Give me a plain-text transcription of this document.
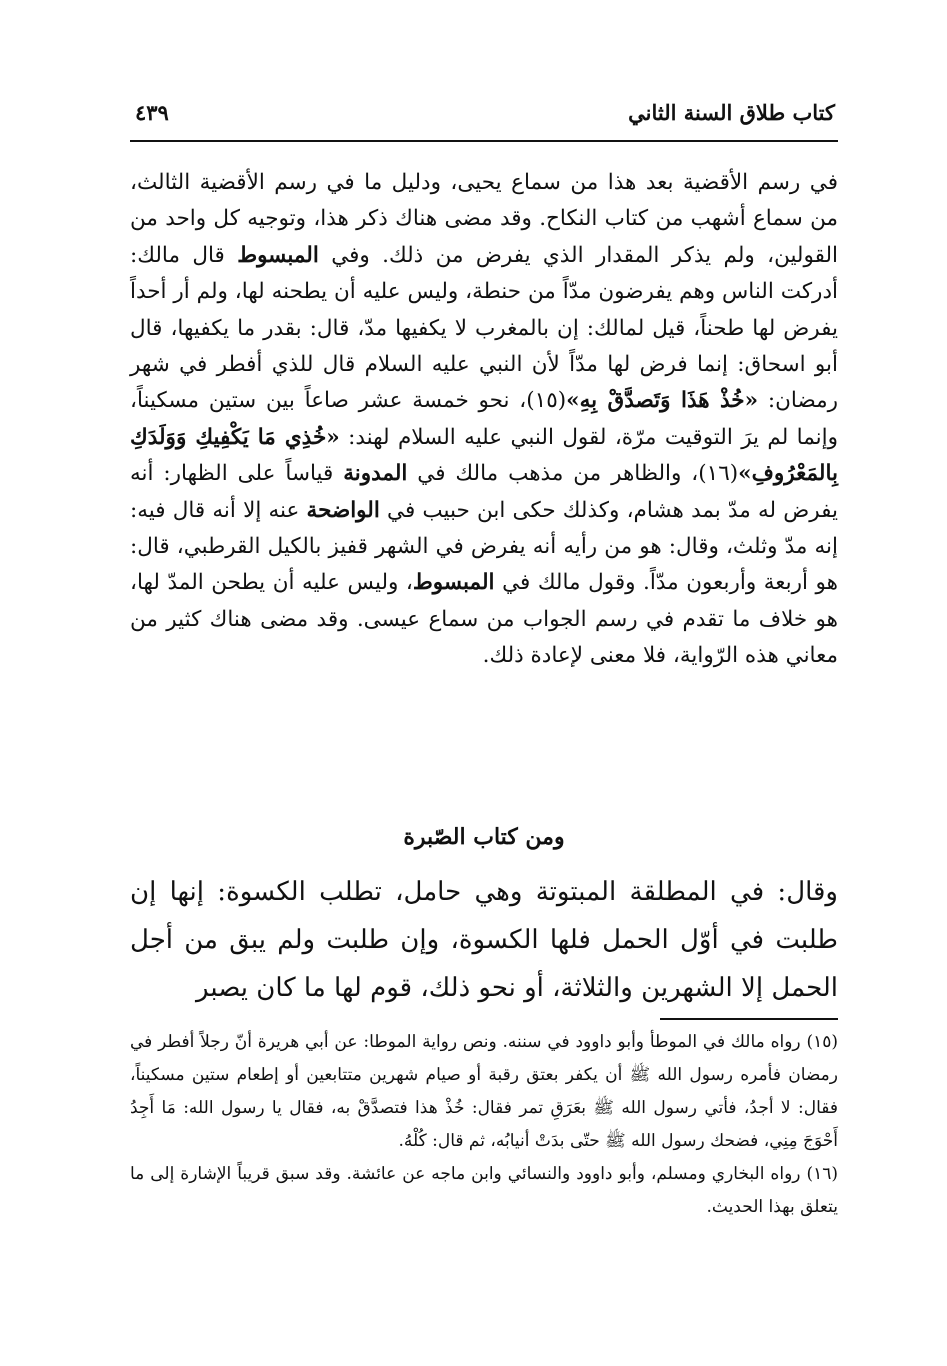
كتاب طلاق السنة الثاني
٤٣٩

في رسم الأقضية بعد هذا من سماع يحيى، ودليل ما في رسم الأقضية الثالث، من سماع أشهب من كتاب النكاح. وقد مضى هناك ذكر هذا، وتوجيه كل واحد من القولين، ولم يذكر المقدار الذي يفرض من ذلك. وفي المبسوط قال مالك: أدركت الناس وهم يفرضون مدّاً من حنطة، وليس عليه أن يطحنه لها، ولم أر أحداً يفرض لها طحناً، قيل لمالك: إن بالمغرب لا يكفيها مدّ، قال: بقدر ما يكفيها، قال أبو اسحاق: إنما فرض لها مدّاً لأن النبي عليه السلام قال للذي أفطر في شهر رمضان: «خُذْ هَذَا وَتَصدَّقْ بِهِ»(١٥)، نحو خمسة عشر صاعاً بين ستين مسكيناً، وإنما لم يرَ التوقيت مرّة، لقول النبي عليه السلام لهند: «خُذِي مَا يَكْفِيكِ وَوَلَدَكِ بِالمَعْرُوفِ»(١٦)، والظاهر من مذهب مالك في المدونة قياساً على الظهار: أنه يفرض له مدّ بمد هشام، وكذلك حكى ابن حبيب في الواضحة عنه إلا أنه قال فيه: إنه مدّ وثلث، وقال: هو من رأيه أنه يفرض في الشهر قفيز بالكيل القرطبي، قال: هو أربعة وأربعون مدّاً. وقول مالك في المبسوط، وليس عليه أن يطحن المدّ لها، هو خلاف ما تقدم في رسم الجواب من سماع عيسى. وقد مضى هناك كثير من معاني هذه الرّواية، فلا معنى لإعادة ذلك.

ومن كتاب الصّبرة

وقال: في المطلقة المبتوتة وهي حامل، تطلب الكسوة: إنها إن طلبت في أوّل الحمل فلها الكسوة، وإن طلبت ولم يبق من أجل الحمل إلا الشهرين والثلاثة، أو نحو ذلك، قوم لها ما كان يصبر

(١٥) رواه مالك في الموطأ وأبو داوود في سننه. ونص رواية الموطا: عن أبي هريرة أنّ رجلاً أفطر في رمضان فأمره رسول الله ﷺ أن يكفر بعتق رقبة أو صيام شهرين متتابعين أو إطعام ستين مسكيناً، فقال: لا أجدُ، فأتي رسول الله ﷺ بعَرَقِ تمر فقال: خُذْ هذا فتصدَّقْ به، فقال يا رسول الله: مَا أَجِدُ أَحْوَجَ مِنِي، فضحك رسول الله ﷺ حتّى بدَتْ أنيابُه، ثم قال: كُلْهُ.

(١٦) رواه البخاري ومسلم، وأبو داوود والنسائي وابن ماجه عن عائشة. وقد سبق قريباً الإشارة إلى ما يتعلق بهذا الحديث.
